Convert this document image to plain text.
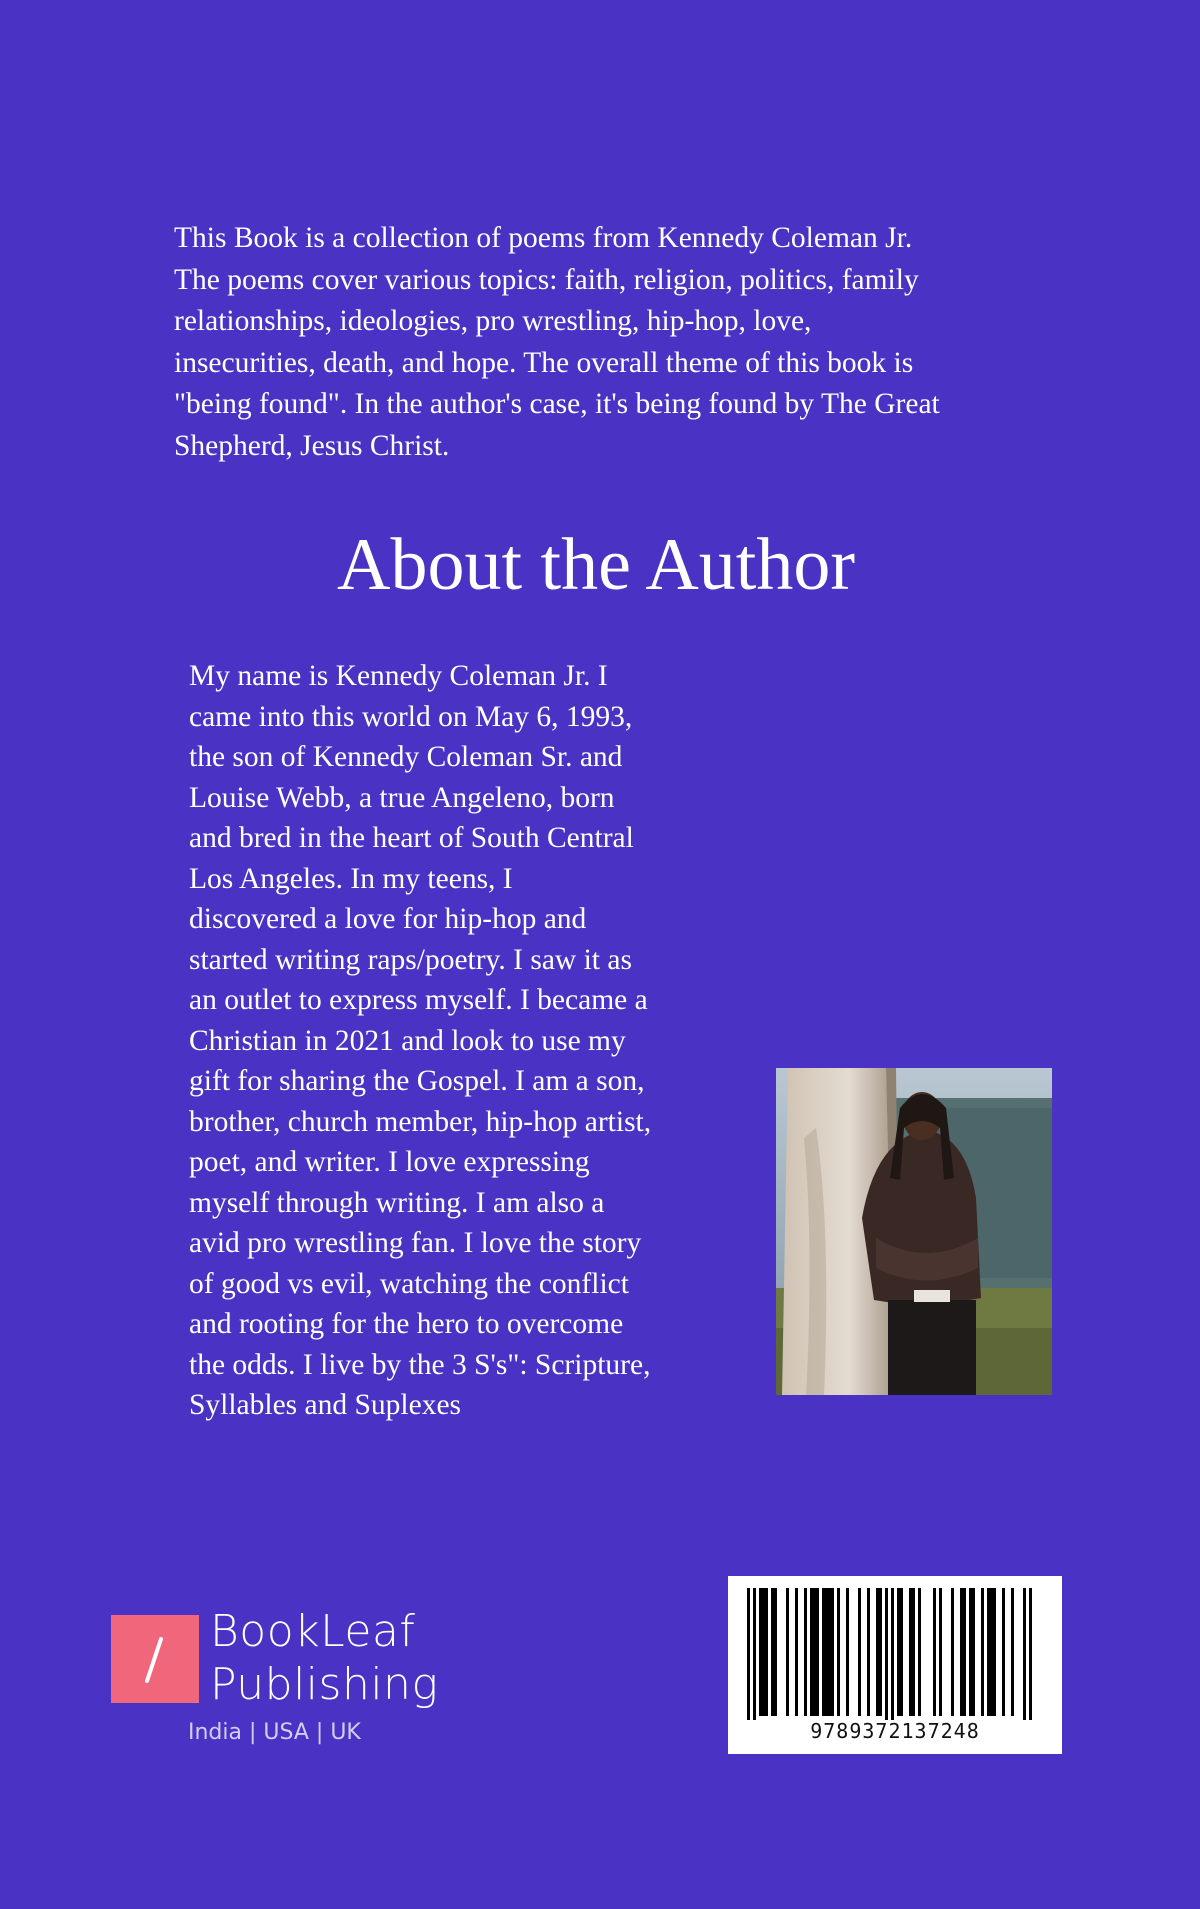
This Book is a collection of poems from Kennedy Coleman Jr.
The poems cover various topics: faith, religion, politics, family
relationships, ideologies, pro wrestling, hip-hop, love,
insecurities, death, and hope. The overall theme of this book is
"being found". In the author's case, it's being found by The Great
Shepherd, Jesus Christ.
About the Author
My name is Kennedy Coleman Jr. I
came into this world on May 6, 1993,
the son of Kennedy Coleman Sr. and
Louise Webb, a true Angeleno, born
and bred in the heart of South Central
Los Angeles. In my teens, I
discovered a love for hip-hop and
started writing raps/poetry. I saw it as
an outlet to express myself. I became a
Christian in 2021 and look to use my
gift for sharing the Gospel. I am a son,
brother, church member, hip-hop artist,
poet, and writer. I love expressing
myself through writing. I am also a
avid pro wrestling fan. I love the story
of good vs evil, watching the conflict
and rooting for the hero to overcome
the odds. I live by the 3 S's": Scripture,
Syllables and Suplexes
BookLeaf
Publishing
India | USA | UK	9789372137248
